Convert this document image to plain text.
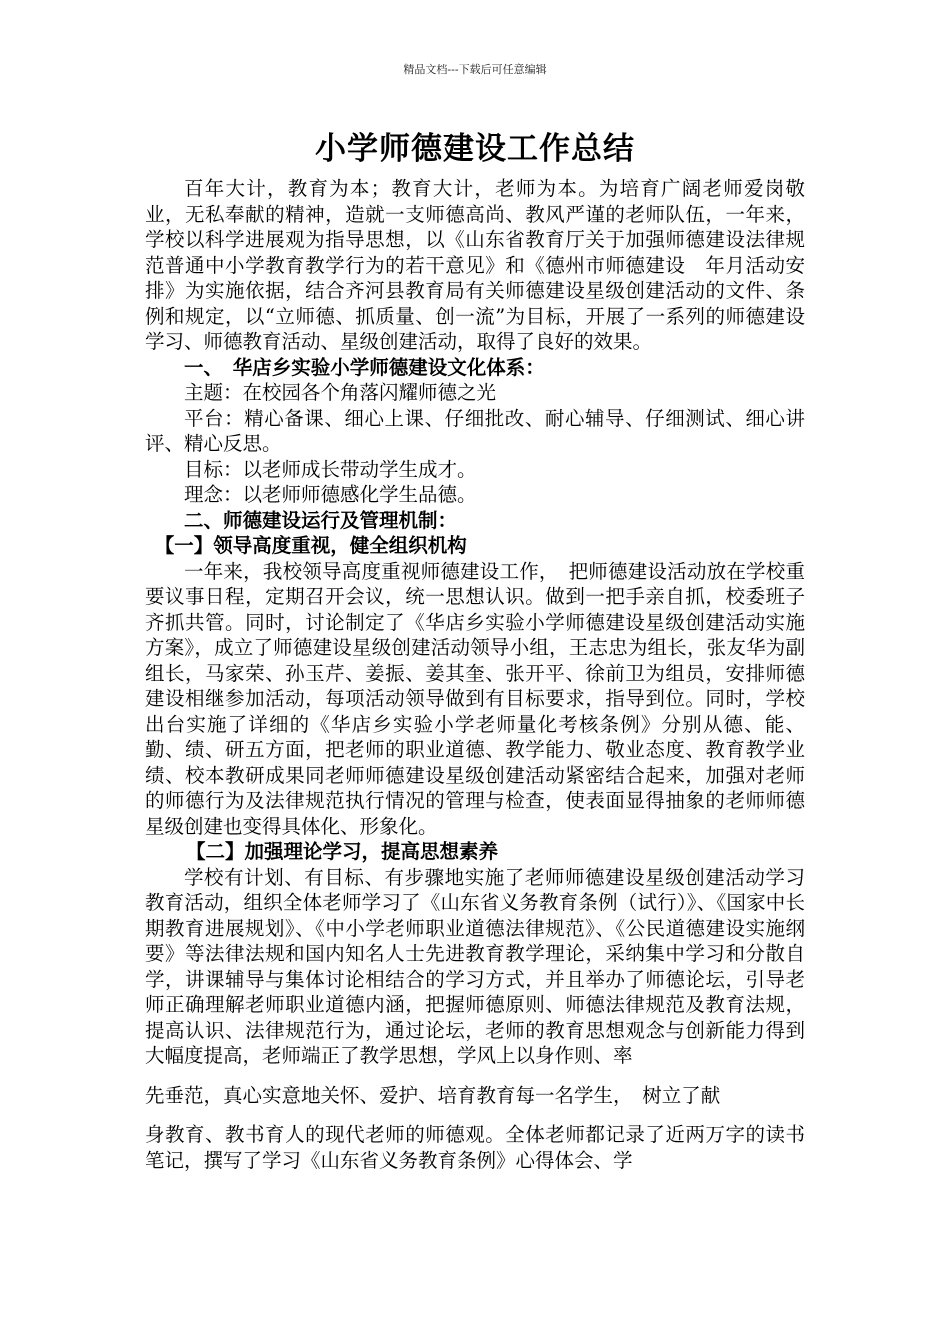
精品文档---下载后可任意编辑
小学师德建设工作总结

百年大计，教育为本；教育大计，老师为本。为培育广阔老师爱岗敬业，无私奉献的精神，造就一支师德高尚、教风严谨的老师队伍，一年来，学校以科学进展观为指导思想，以《山东省教育厅关于加强师德建设法律规范普通中小学教育教学行为的若干意见》和《德州市师德建设　年月活动安排》为实施依据，结合齐河县教育局有关师德建设星级创建活动的文件、条例和规定，以“立师德、抓质量、创一流”为目标，开展了一系列的师德建设学习、师德教育活动、星级创建活动，取得了良好的效果。

一、　华店乡实验小学师德建设文化体系：

主题：在校园各个角落闪耀师德之光

平台：精心备课、细心上课、仔细批改、耐心辅导、仔细测试、细心讲评、精心反思。

目标：以老师成长带动学生成才。

理念：以老师师德感化学生品德。

二、师德建设运行及管理机制：

【一】领导高度重视，健全组织机构

一年来，我校领导高度重视师德建设工作，　把师德建设活动放在学校重要议事日程，定期召开会议，统一思想认识。做到一把手亲自抓，校委班子齐抓共管。同时，讨论制定了《华店乡实验小学师德建设星级创建活动实施方案》，成立了师德建设星级创建活动领导小组，王志忠为组长，张友华为副组长，马家荣、孙玉芹、姜振、姜其奎、张开平、徐前卫为组员，安排师德建设相继参加活动，每项活动领导做到有目标要求，指导到位。同时，学校出台实施了详细的《华店乡实验小学老师量化考核条例》分别从德、能、勤、绩、研五方面，把老师的职业道德、教学能力、敬业态度、教育教学业绩、校本教研成果同老师师德建设星级创建活动紧密结合起来，加强对老师的师德行为及法律规范执行情况的管理与检查，使表面显得抽象的老师师德星级创建也变得具体化、形象化。

【二】加强理论学习，提高思想素养

学校有计划、有目标、有步骤地实施了老师师德建设星级创建活动学习教育活动，组织全体老师学习了《山东省义务教育条例（试行）》、《国家中长期教育进展规划》、《中小学老师职业道德法律规范》、《公民道德建设实施纲要》等法律法规和国内知名人士先进教育教学理论，采纳集中学习和分散自学，讲课辅导与集体讨论相结合的学习方式，并且举办了师德论坛，引导老师正确理解老师职业道德内涵，把握师德原则、师德法律规范及教育法规，提高认识、法律规范行为，通过论坛，老师的教育思想观念与创新能力得到大幅度提高，老师端正了教学思想，学风上以身作则、率

先垂范，真心实意地关怀、爱护、培育教育每一名学生，　树立了献

身教育、教书育人的现代老师的师德观。全体老师都记录了近两万字的读书笔记，撰写了学习《山东省义务教育条例》心得体会、学
